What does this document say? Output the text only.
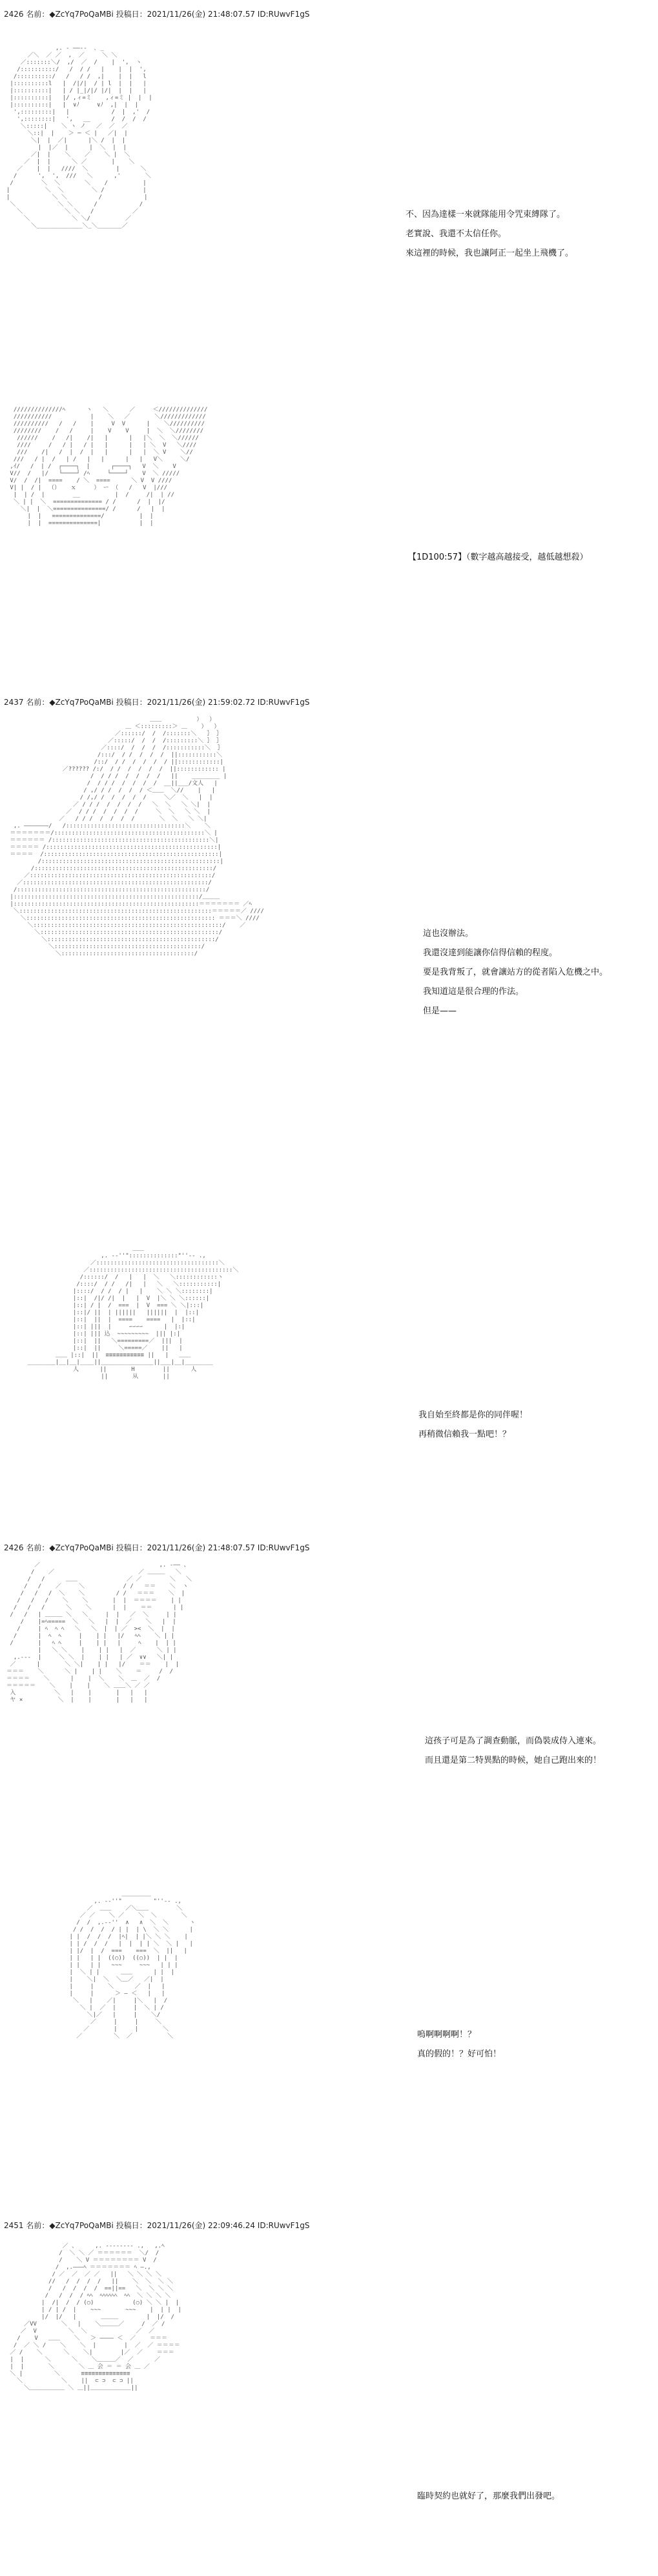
2426 名前：◆ZcYq7PoQaMBi 投稿日：2021/11/26(金) 21:48:07.57 ID:RUwvF1gS
,. - ――‐-  ､ _
／＼  ／ ／  ,  ／     ＼ ＼
／:::::::＼/  ,/  ／  /    |  ',  ヽ
/::::::::::/   /  / /   |    |  |  ',
/::::::::::/   /   / /  ,|    |  |   l
|::::::::::l   |  /|/|  / | l  |  |   |
|::::::::::|   | / |_|/|/ |/|  |  |   |
|::::::::::|   |/ ,ィ=ミ    ,ィ=ミ |  |  |
|::::::::::|   |  ∨ﾉ     ∨ﾉ  ,|  |  |
',:::::::::|   |            /  |  ,'  /
',::::::::|   ',   __      /  /  /  /
＼:::::|    ＼ ヽ ノ   ／  ／  ／
＼::|  |    ＞ ─ ＜ |   ／|  |
＼|  |  ／|      |＼ /  |  |
|  |／  |      |  ＼  |  |
／|  |    ＼    ／    ＼ |  ＼
／  |  |      ＼ ／       |    ＼
／    |  |   ////  ＼        |      ＼
/      ',  ',  ///   ＼      ,'       ＼
/        ＼  ＼       ＼    /          |
|          ＼  ＼        ＼ /           |
|            ＼ ＼         /            |
＼            ＼ ＼      /            /
＼            ＼ ＼   /           ／
＼            ＼ ＼/          ／
＼_____________＼_＼_______／
不、因為達樣一來就隊能用令咒束縛隊了。
老實說、我還不太信任你。
來這裡的時候，我也讓阿正一起坐上飛機了。
//////////////ﾍ      ヽ   ＼      ／     ＜//////////////
///////////           |    ＼   ／       ＼/////////////
//////////   /   /    |     V  V      |    ＼//////////
////////    /   /     |    V    V     |  ＼  ＼////////
//////    /   /|    /|   |      |   |＼  ＼  ＼//////
////     /   / |   / |   |      |   | ＼  V   ＼////
///    /|   /  |  /  |   |      |   |  ＼ V    ＼//
///   / |  /   | /   |   |      |   |   V＼     ＼/
,ｲ/   /  | /  ┌────┐  |      ┌────┐   V  ＼    V
V//  /   |/   └────┘ /ﾍ     └────┘    V  ＼ /////
V/  /  /|  ====    / ＼  ====      ＼ V  V ////
V| |  / |  （）   ｘ     ） ー （   /   V  |///
|  | /  |        __          |  /     /|  | //
＼ | |  ＼  ============== / /      /  |  |/
＼|  |  ＼===============/ /      /   |  |
|  |   ==============/          |  |
|  |  ==============|           |  |
【1D100:57】（數字越高越接受，越低越想殺）
2437 名前：◆ZcYq7PoQaMBi 投稿日：2021/11/26(金) 21:59:02.72 ID:RUwvF1gS
＿＿          ）  ）
＿ ＜:::::::::＞ ＿    ）  ）
／::::::/  /  /:::::::＼   ｝ ｝
／:::::/  /  /  /:::::::::＼ ｝ ｝
／::::/  /  /  /  /:::::::::::＼  ｝
/:::/  / /  /  /  /  ||:::::::::::＼
/::/  / /  /  /  /  / ||::::::::::::|
／?????? /:/  / /  /  /  /  /  ||:::::::::::: |
/  / / /  /  /  /  /   ||    ________ |
/  / / /  /  /  /  /  __||___/文人   |
/ ,/ / /  /  /  / ＜＿＿  ＼//    |   |
/ /,/ /  /  /  /  /     ＼／  ＼   |  |
／ / / /  /  /  /  /   ＼  ＼   ＼ ＼|  |
／  / / /  /  /  /  /     ＼  ＼   ＼ ＼  |
／   / / /  /  /  /  /       ＼  ＼   ＼ ＼|
,. ―――――――/   /::::::::::::::::::::::::::::::::::＼    ＼
＝＝＝＝＝＝＝/:::::::::::::::::::::::::::::::::::::::::::＼ |
＝＝＝＝＝＝ /:::::::::::::::::::::::::::::::::::::::::::::＼|
＝＝＝＝＝ /:::::::::::::::::::::::::::::::::::::::::::::::::|
＝＝＝＝  /::::::::::::::::::::::::::::::::::::::::::::::::::|
/:::::::::::::::::::::::::::::::::::::::::::::::::::|
/:::::::::::::::::::::::::::::::::::::::::::::::::::/
／::::::::::::::::::::::::::::::::::::::::::::::::::::/
／:::::::::::::::::::::::::::::::::::::::::::::::::::::/
/::::::::::::::::::::::::::::::::::::::::::::::::::::::/
|:::::::::::::::::::::::::::::::::::::::::::::::::::::/＿＿＿
|:::::::::::::::::::::::::::::::::::::::::::::::::::::＝＝＝＝＝＝＝ ／ﾍ
＼:::::::::::::::::::::::::::::::::::::::::::::::::::::::＝＝＝＝＝／ ////
＼:::::::::::::::::::::::::::::::::::::::::::::::::::::: ＝＝＝＼ ////
＼::::::::::::::::::::::::::::::::::::::::::::::::::::::/    ／
＼:::::::::::::::::::::::::::::::::::::::::::::::::::/
＼::::::::::::::::::::::::::::::::::::::::::::::::/
＼::::::::::::::::::::::::::::::::::::::::::/
＼::::::::::::::::::::::::::::::::::::::/
這也沒辦法。
我還沒達到能讓你信得信賴的程度。
要是我背叛了，就會讓站方的從者陷入危機之中。
我知道這是很合理的作法。
但是——
＿＿
,. -‐''"::::::::::::::"''‐- .,
／:::::::::::::::::::::::::::::::::::＼
／:::::::::::::::::::::::::::::::::::::::::＼
/::::::/  /   |   |  ＼   ＼::::::::::::ヽ
/::::/  / /   /|   |   ＼   ＼:::::::::::|
|::::/  / /  / |   |    ＼ ＼ ＼::::::::|
|::|  /|/ /|  |   |  V  |＼ ＼ ＼::::::|
|::| / |  /  ===  |  V  === ＼ ＼|:::|
|::|/ ||  | ||||||   ||||||  |  |::|
|::|  ||  |  ====    ====   |  |::|
|::| |||  |     ∽∽∽∽      |  |:|
|::| ||| 込  ~~~~~~~~~  ||| |:|
|::|  ||   ＼=========／  |||  |
|::|  ||     ＼=====／    ||   |
＿＿ |::|  ||  ≡≡≡≡≡≡≡≡≡≡≡ ||   |   ＿＿
________|__|__|____||_______________||___|__|________
人      ||       H        ||      人
||       从       ||
我自始至終都是你的同伴喔！
再稍微信賴我一點吧！？
2426 名前：◆ZcYq7PoQaMBi 投稿日：2021/11/26(金) 21:48:07.57 ID:RUwvF1gS
／                                  ,. -―― 、
/    ／                        ／ ＿＿＿   ＼
/   /      ＿＿              ／ ／        ＼   ＼
/   /    ／     ＼           / /   ＝＝    ＼  ヽ
/   /   /  ＼    ＼         / /   ＝＝＝    ＼  |
/   /   /    ＼    ＼       |  |  ＝＝＝＝    | |
/   /   /      ＼    ＼      |  |    ＝＝      | |
/   /   | ＿＿＿ ＼   ＼     |  |   ／  ＼     | |
/    |=ﾍ=====  ＼   ＼   |  |  ／    ＼   |  |
/     | ﾍ  ﾍ ﾍ   ＼   ＼  |  | ／  ><  ＼  |  |
/      |  ﾍ  ﾍ     |    | |   |/   ﾍﾍ    ＼ | |
/       |   ﾍ ﾍ     |    | |   |     ﾍ    |  | |
|   ＼ ＼    |    | |   |  ／      ＼ | |
,.---  |     ＼ ＼  |    | |   | ／  ∨∨   ＼| |
／      |       ＼ ＼|    | |   |/    ＝＝    |  |
＝＝＝    ＼      ＼ |    | |    ＼    ＝     /  /
＝＝＝＝    ＼      |    |  ＼    ＼  ＿  ／  /
＝＝＝＝＝    ＼    |    |    ＼ ＿＿＼ ／ ／
入           ＼   |    |       |   |   |
ヤ ×          ＼  |    |       |   |   |
這孩子可是為了調查動脈，而偽裝成侍入連來。
而且還是第二特異點的時候，她自己跑出來的！
＿＿＿＿＿
,. -‐''"         "''‐- .,
／  ＿＿    ／＼＿＿        ＼
／ ／    ＼ ／    ＼  ＼       ＼
/  /  ,.-‐''  ∧   ∧  ＼  ＼      ヽ
/ /  /  /  / | |  | \  ＼ ＼      |
| |  /  /  /  |ﾍ|  | |＼ ＼ ＼    |
| | /  /  /   |  |  | | ＼  ＼ |   |
| |/  |  /  ===    ===  ＼  ||   |
| |   | |  ((○))  ((○))  | |  |
| |   | |   ~~~     ~~~   | | |
|  ＼ | |      ＿＿      | |  |
|    ＼|  ＼  ＼＿／   ／|  |
|     |    ＼      ／  |   |
|     |      ＞ ― ＜   |   |
＼   |    ／|     |＼   |  /
＼ |  ／  |     |  ＼ | /
＼|／   |     |    ＼/
／     |     |     ＼
／       |     |       ＼
／         ＼  ／          ＼	嗚啊啊啊啊！？
真的假的！？好可怕！
2451 名前：◆ZcYq7PoQaMBi 投稿日：2021/11/26(金) 22:09:46.24 ID:RUwvF1gS
／ 、     ,. -‐‐‐‐‐‐- .,   ,.ﾍ
/  ＼ ＼ ／ ＝＝＝＝＝＝  ＼/  /
/    ＼ V ＝＝＝＝＝＝＝＝ V  /
/  ,.―――ﾍ ＝＝＝＝＝＝＝ ﾍ ―.,
/ ／  ／  ／ ／   ||   ＼ ＼ ＼ ＼
//   /  /  /  /   ||    ＼  ＼  ＼ ＼
/   /  /  /  /  ==||==   ＼  ＼ ＼ ＼
/   /  /  / ﾍﾍ  ﾍﾍﾍﾍﾍﾍ  ﾍﾍ  ＼ ＼ ＼ ＼
|  /|  /  / (○)           (○) ＼ ＼ |  |
| / | /  |    ~~~       ~~~    |  | |  |
|/  |/   |       ＿＿＿        |  |/  /
／VV       ＼   |    ＼＿＿＿／     /  ／ /
／  V         ＼  ＼              ／  ／
/    V   ＿＿    ＼   ＞ ―――― ＜  ／    ＝＝＝
/  ／ ＼ /    ＼    ＼  |        |  ／  ／ ＝＝＝＝
／ /    ＼      ＼    ＼|        |／  ／    ＝＝＝
|  |      ＼      ＼    ＼＿＿＿／  ／      ／
|  |       ＼       ＼ ＿ 会 ＝ ＝ 会 ＿ ／
＼ |         ＼      ≡≡≡≡≡≡≡≡≡≡≡≡≡≡
＼           ＼    ||  ⊂ ⊃  ⊂ ⊃ ||
＼＿＿＿＿＿＿ ＼ ＿||＿＿＿＿＿＿＿||
臨時契約也就好了，那麼我們出發吧。
